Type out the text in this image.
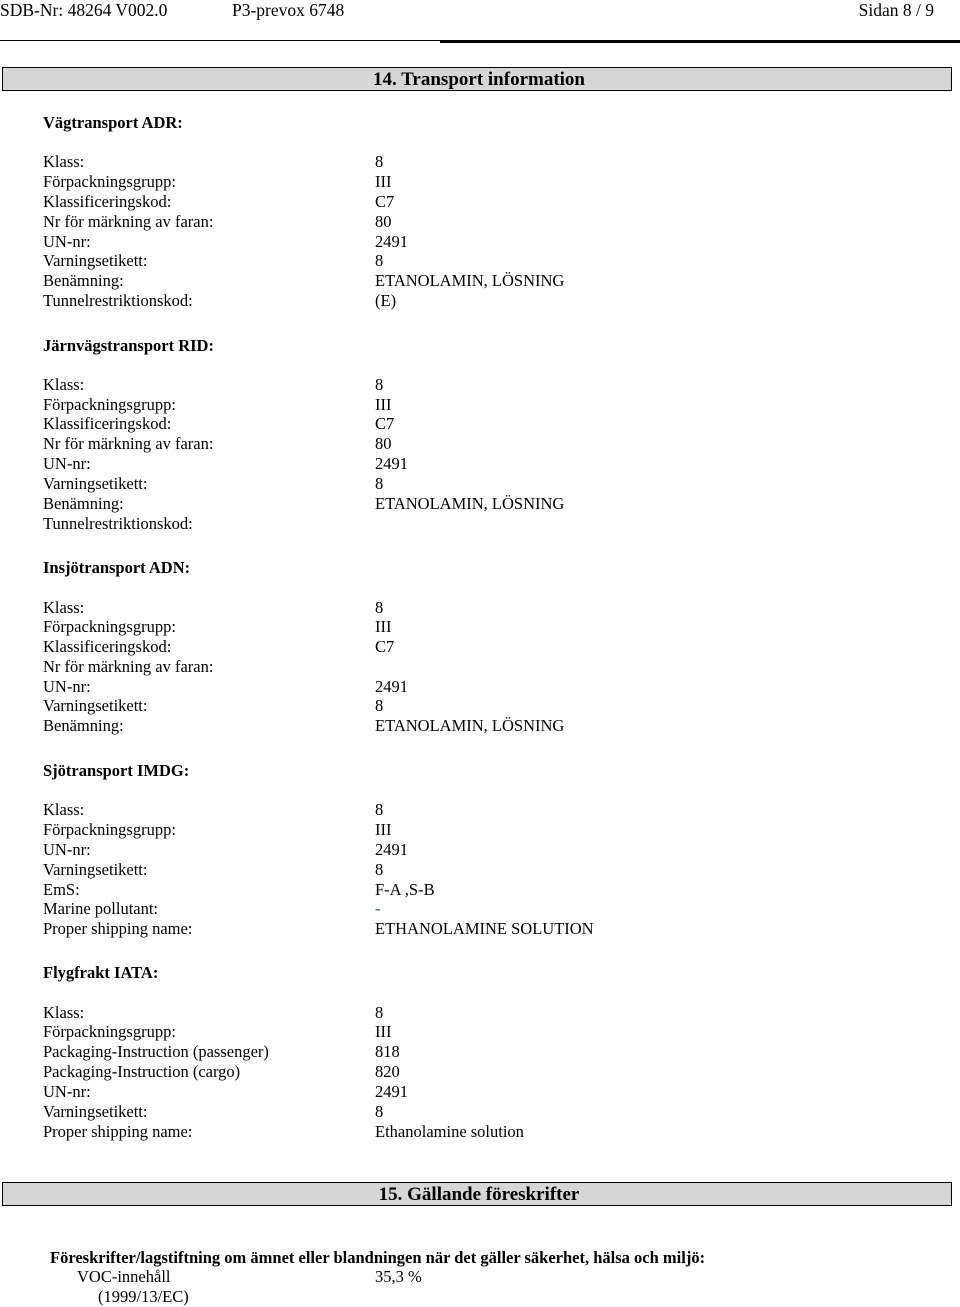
SDB-Nr: 48264 V002.0	P3-prevox 6748	Sidan 8 / 9
14. Transport information
Vägtransport ADR:
Klass:	8
Förpackningsgrupp:	III
Klassificeringskod:	C7
Nr för märkning av faran:	80
UN-nr:	2491
Varningsetikett:	8
Benämning:	ETANOLAMIN, LÖSNING
Tunnelrestriktionskod:	(E)
Järnvägstransport RID:
Klass:	8
Förpackningsgrupp:	III
Klassificeringskod:	C7
Nr för märkning av faran:	80
UN-nr:	2491
Varningsetikett:	8
Benämning:	ETANOLAMIN, LÖSNING
Tunnelrestriktionskod:
Insjötransport ADN:
Klass:	8
Förpackningsgrupp:	III
Klassificeringskod:	C7
Nr för märkning av faran:
UN-nr:	2491
Varningsetikett:	8
Benämning:	ETANOLAMIN, LÖSNING
Sjötransport IMDG:
Klass:	8
Förpackningsgrupp:	III
UN-nr:	2491
Varningsetikett:	8
EmS:	F-A ,S-B
Marine pollutant:	-
Proper shipping name:	ETHANOLAMINE SOLUTION
Flygfrakt IATA:
Klass:	8
Förpackningsgrupp:	III
Packaging-Instruction (passenger)	818
Packaging-Instruction (cargo)	820
UN-nr:	2491
Varningsetikett:	8
Proper shipping name:	Ethanolamine solution
15. Gällande föreskrifter
Föreskrifter/lagstiftning om ämnet eller blandningen när det gäller säkerhet, hälsa och miljö:
VOC-innehåll	35,3 %
(1999/13/EC)
